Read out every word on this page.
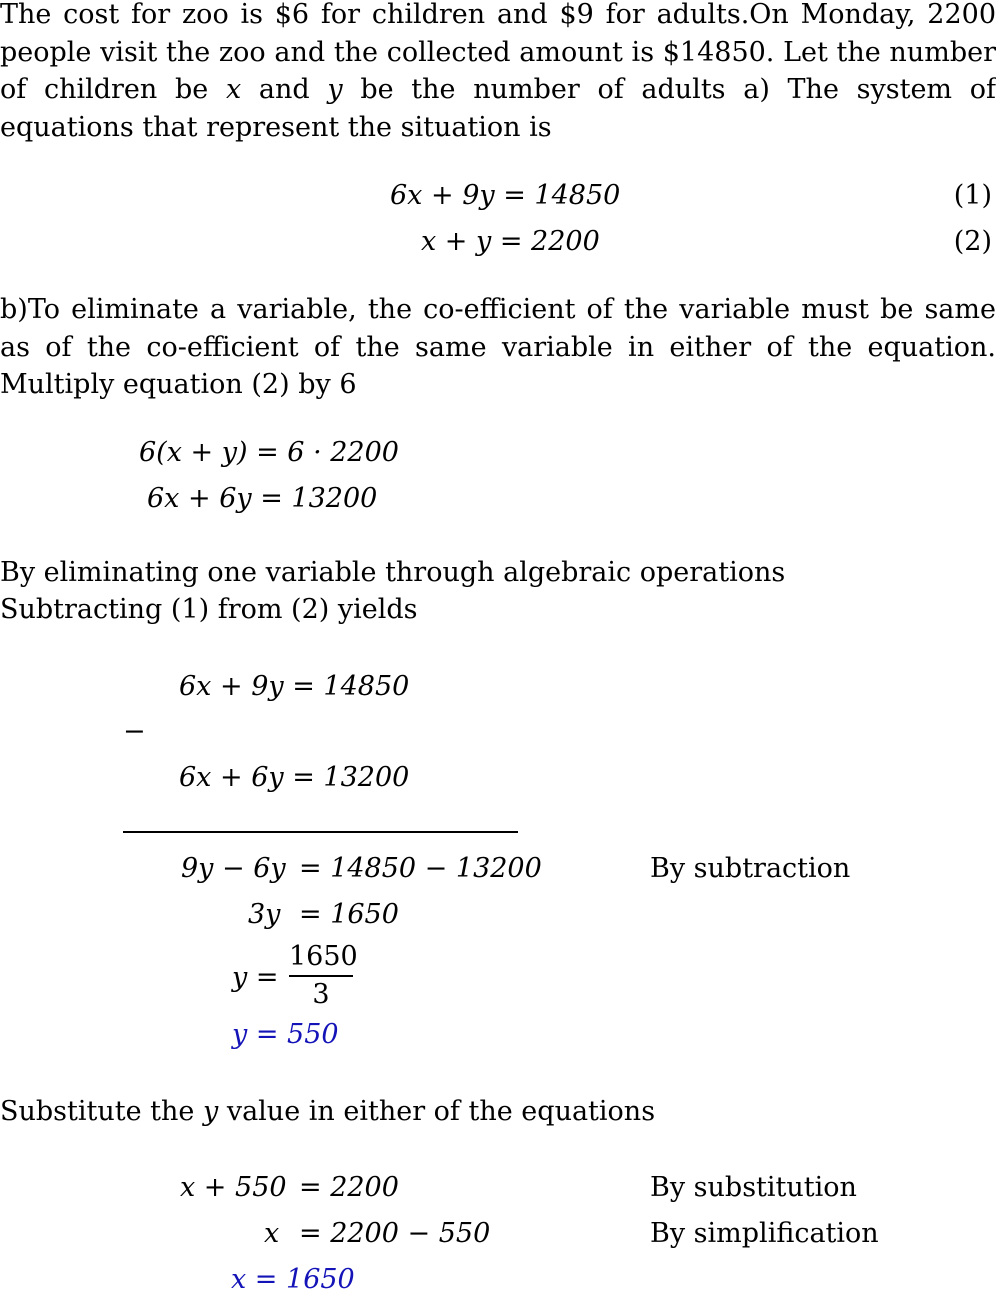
The cost for zoo is $6 for children and $9 for adults.On Monday, 2200 people visit the zoo and the collected amount is $14850. Let the number of children be x and y be the number of adults a) The system of equations that represent the situation is

6x + 9y = 14850	(1)
x + y = 2200	(2)

b)To eliminate a variable, the co-efficient of the variable must be same as of the co-efficient of the same variable in either of the equation. Multiply equation (2) by 6

6(x + y) = 6 · 2200
6x + 6y = 13200
By eliminating one variable through algebraic operations
Subtracting (1) from (2) yields
6x + 9y = 14850
−
6x + 6y = 13200
9y − 6y = 14850 − 13200	By subtraction
3y = 1650
y =
1650
3
y = 550
Substitute the y value in either of the equations
x + 550 = 2200	By substitution
x = 2200 − 550	By simplification
x = 1650
